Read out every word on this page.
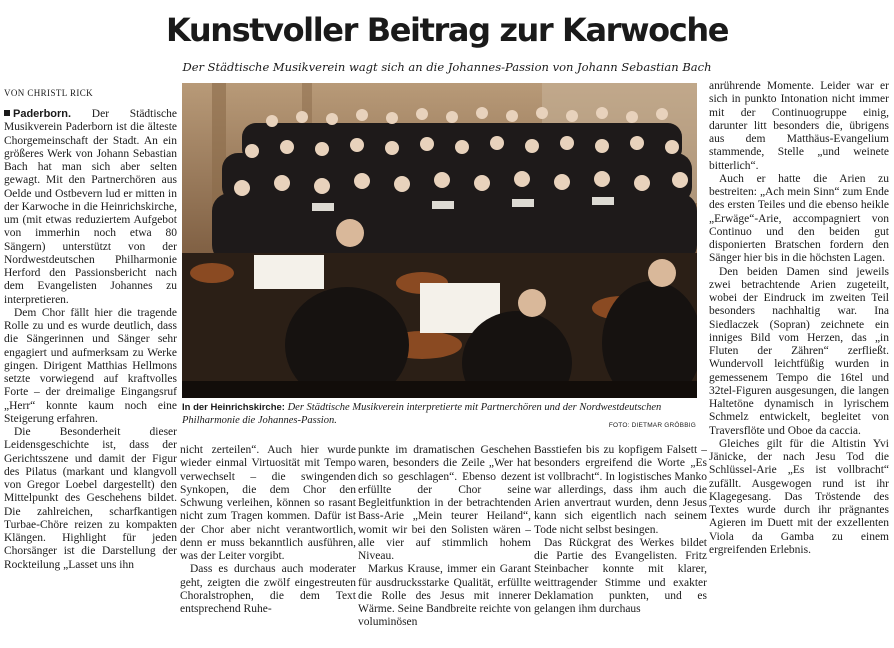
Kunstvoller Beitrag zur Karwoche
Der Städtische Musikverein wagt sich an die Johannes-Passion von Johann Sebastian Bach
VON CHRISTL RICK

Paderborn. Der Städtische Musikverein Paderborn ist die älteste Chorgemeinschaft der Stadt. An ein größeres Werk von Johann Sebastian Bach hat man sich aber selten gewagt. Mit den Partnerchören aus Oelde und Ostbevern lud er mitten in der Karwoche in die Heinrichskirche, um (mit etwas reduziertem Aufgebot von immerhin noch etwa 80 Sängern) unterstützt von der Nordwestdeutschen Philharmonie Herford den Passionsbericht nach dem Evangelisten Johannes zu interpretieren.

Dem Chor fällt hier die tragende Rolle zu und es wurde deutlich, dass die Sängerinnen und Sänger sehr engagiert und aufmerksam zu Werke gingen. Dirigent Matthias Hellmons setzte vorwiegend auf kraftvolles Forte – der dreimalige Eingangsruf „Herr“ konnte kaum noch eine Steigerung erfahren.

Die Besonderheit dieser Leidensgeschichte ist, dass der Gerichtsszene und damit der Figur des Pilatus (markant und klangvoll von Gregor Loebel dargestellt) den Mittelpunkt des Geschehens bildet. Die zahlreichen, scharfkantigen Turbae-Chöre reizen zu kompakten Klängen. Highlight für jeden Chorsänger ist die Darstellung der Rockteilung „Lasset uns ihn

In der Heinrichskirche: Der Städtische Musikverein interpretierte mit Partnerchören und der Nordwestdeutschen Philharmonie die Johannes-Passion.	FOTO: DIETMAR GRÖBBIG

nicht zerteilen“. Auch hier wurde wieder einmal Virtuosität mit Tempo verwechselt – die swingenden Synkopen, die dem Chor den Schwung verleihen, können so rasant nicht zum Tragen kommen. Dafür ist der Chor aber nicht verantwortlich, denn er muss bekanntlich ausführen, was der Leiter vorgibt.

Dass es durchaus auch moderater geht, zeigten die zwölf eingestreuten Choralstrophen, die dem Text entsprechend Ruhe-

punkte im dramatischen Geschehen waren, besonders die Zeile „Wer hat dich so geschlagen“. Ebenso dezent erfüllte der Chor seine Begleitfunktion in der betrachtenden Bass-Arie „Mein teurer Heiland“, womit wir bei den Solisten wären – alle vier auf stimmlich hohem Niveau.

Markus Krause, immer ein Garant für ausdrucksstarke Qualität, erfüllte die Rolle des Jesus mit innerer Wärme. Seine Bandbreite reichte von voluminösen

Basstiefen bis zu kopfigem Falsett – besonders ergreifend die Worte „Es ist vollbracht“. In logistisches Manko war allerdings, dass ihm auch die Arien anvertraut wurden, denn Jesus kann sich eigentlich nach seinem Tode nicht selbst besingen.

Das Rückgrat des Werkes bildet die Partie des Evangelisten. Fritz Steinbacher konnte mit klarer, weittragender Stimme und exakter Deklamation punkten, und es gelangen ihm durchaus

anrührende Momente. Leider war er sich in punkto Intonation nicht immer mit der Continuogruppe einig, darunter litt besonders die, übrigens aus dem Matthäus-Evangelium stammende, Stelle „und weinete bitterlich“.

Auch er hatte die Arien zu bestreiten: „Ach mein Sinn“ zum Ende des ersten Teiles und die ebenso heikle „Erwäge“-Arie, accompagniert von Continuo und den beiden gut disponierten Bratschen fordern den Sänger hier bis in die höchsten Lagen.

Den beiden Damen sind jeweils zwei betrachtende Arien zugeteilt, wobei der Eindruck im zweiten Teil besonders nachhaltig war. Ina Siedlaczek (Sopran) zeichnete ein inniges Bild vom Herzen, das „in Fluten der Zähren“ zerfließt. Wundervoll leichtfüßig wurden in gemessenem Tempo die 16tel und 32tel-Figuren ausgesungen, die langen Haltetöne dynamisch in lyrischem Schmelz entwickelt, begleitet von Traversflöte und Oboe da caccia.

Gleiches gilt für die Altistin Yvi Jänicke, der nach Jesu Tod die Schlüssel-Arie „Es ist vollbracht“ zufällt. Ausgewogen rund ist ihr Klagegesang. Das Tröstende des Textes wurde durch ihr prägnantes Agieren im Duett mit der exzellenten Viola da Gamba zu einem ergreifenden Erlebnis.
